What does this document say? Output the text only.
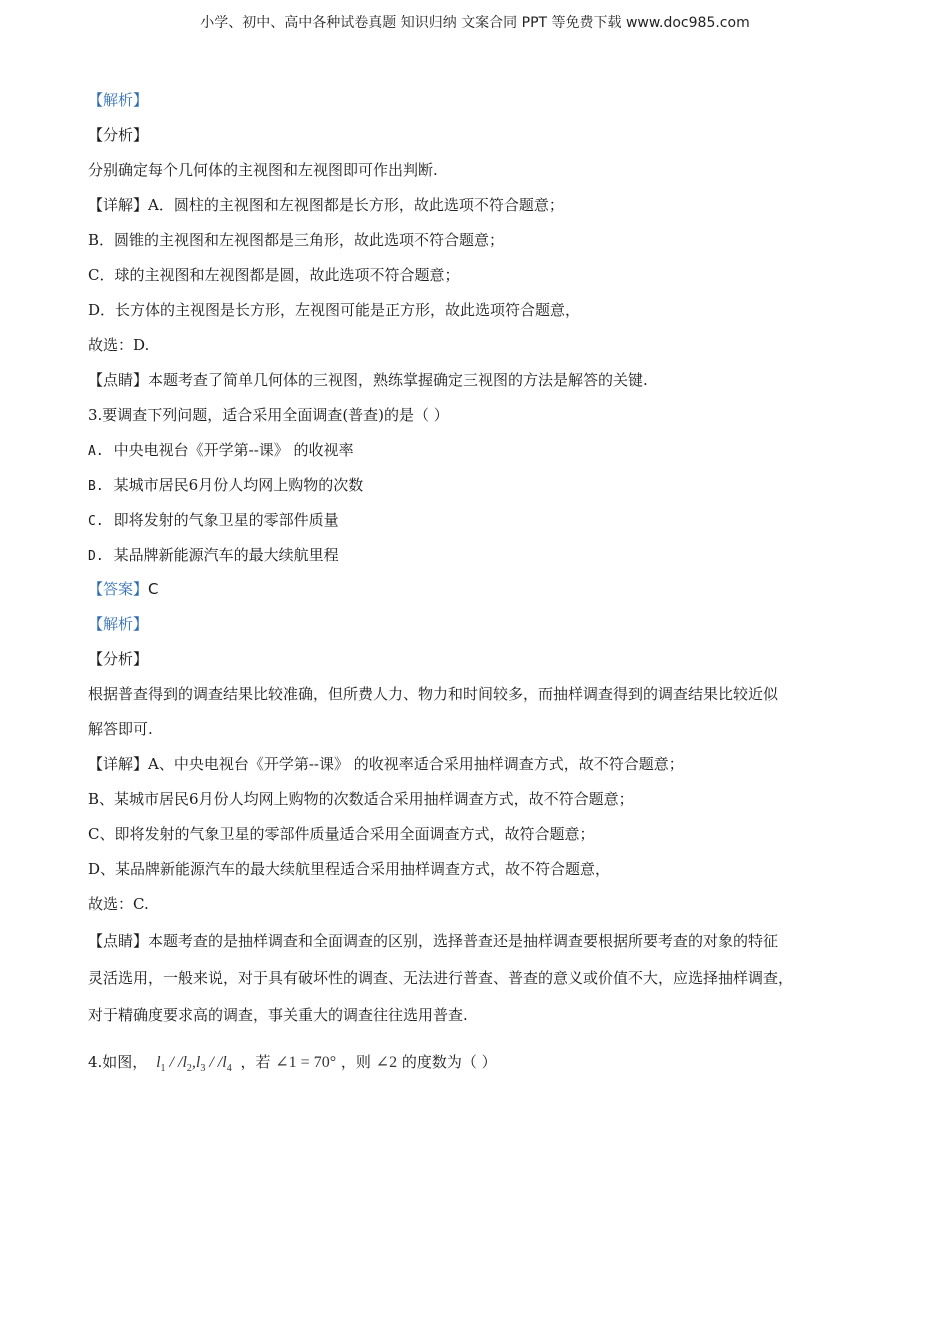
小学、初中、高中各种试卷真题 知识归纳 文案合同 PPT 等免费下载 www.doc985.com
【解析】
【分析】
分别确定每个几何体的主视图和左视图即可作出判断.
【详解】A．圆柱的主视图和左视图都是长方形，故此选项不符合题意；
B．圆锥的主视图和左视图都是三角形，故此选项不符合题意；
C．球的主视图和左视图都是圆，故此选项不符合题意；
D．长方体的主视图是长方形，左视图可能是正方形，故此选项符合题意，
故选：D.
【点睛】本题考查了简单几何体的三视图，熟练掌握确定三视图的方法是解答的关键.
3.要调查下列问题，适合采用全面调查(普查)的是（ ）
A. 中央电视台《开学第--课》 的收视率
B. 某城市居民6月份人均网上购物的次数
C. 即将发射的气象卫星的零部件质量
D. 某品牌新能源汽车的最大续航里程
【答案】C
【解析】
【分析】
根据普查得到的调查结果比较准确，但所费人力、物力和时间较多，而抽样调查得到的调查结果比较近似
解答即可.
【详解】A、中央电视台《开学第--课》 的收视率适合采用抽样调查方式，故不符合题意；
B、某城市居民6月份人均网上购物的次数适合采用抽样调查方式，故不符合题意；
C、即将发射的气象卫星的零部件质量适合采用全面调查方式，故符合题意；
D、某品牌新能源汽车的最大续航里程适合采用抽样调查方式，故不符合题意，
故选：C.
【点睛】本题考查的是抽样调查和全面调查的区别，选择普查还是抽样调查要根据所要考查的对象的特征
灵活选用，一般来说，对于具有破坏性的调查、无法进行普查、普查的意义或价值不大，应选择抽样调查，
对于精确度要求高的调查，事关重大的调查往往选用普查.
4.如图， $l_1 / /l_2,l_3 / /l_4$ ，若 ∠1 = 70° ，则 ∠2 的度数为（ ）
